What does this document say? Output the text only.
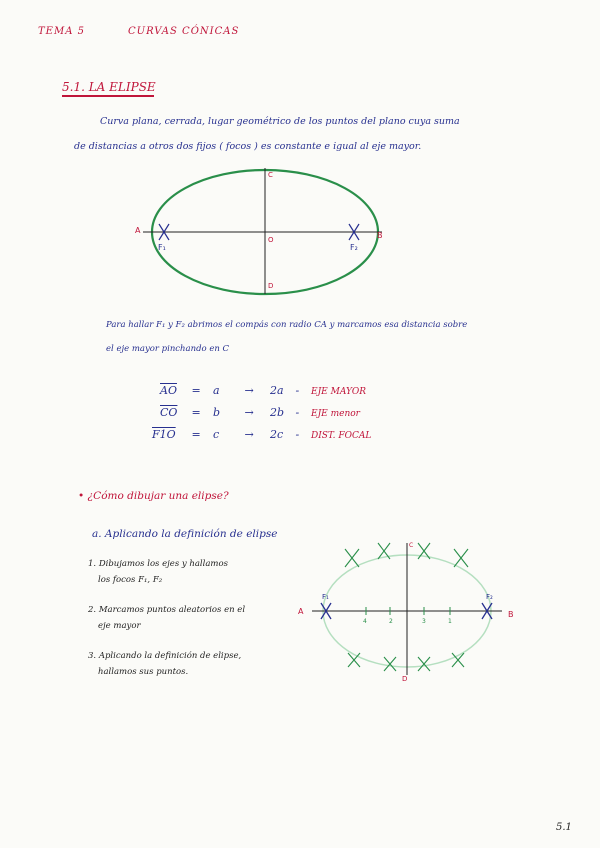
TEMA 5	CURVAS CÓNICAS
5.1. LA ELIPSE
Curva plana, cerrada, lugar geométrico de los puntos del plano cuya suma
de distancias a otros dos fijos ( focos ) es constante e igual al eje mayor.
A
B
C
D
O
F₁	F₂
Para hallar F₁ y F₂ abrimos el compás con radio CA y marcamos esa distancia sobre
el eje mayor pinchando en C
$\overline{AO} = a \to 2a$ - EJE MAYOR
$\overline{CO} = b \to 2b$ - EJE menor
F1O = c → 2c - DIST. FOCAL
• ¿Cómo dibujar una elipse?
a. Aplicando la definición de elipse
1. Dibujamos los ejes y hallamos
los focos F₁, F₂
2. Marcamos puntos aleatorios en el
eje mayor
3. Aplicando la definición de elipse,
hallamos sus puntos.
A	B
C
D
F₁	F₂
4	2	3	1
5.1
